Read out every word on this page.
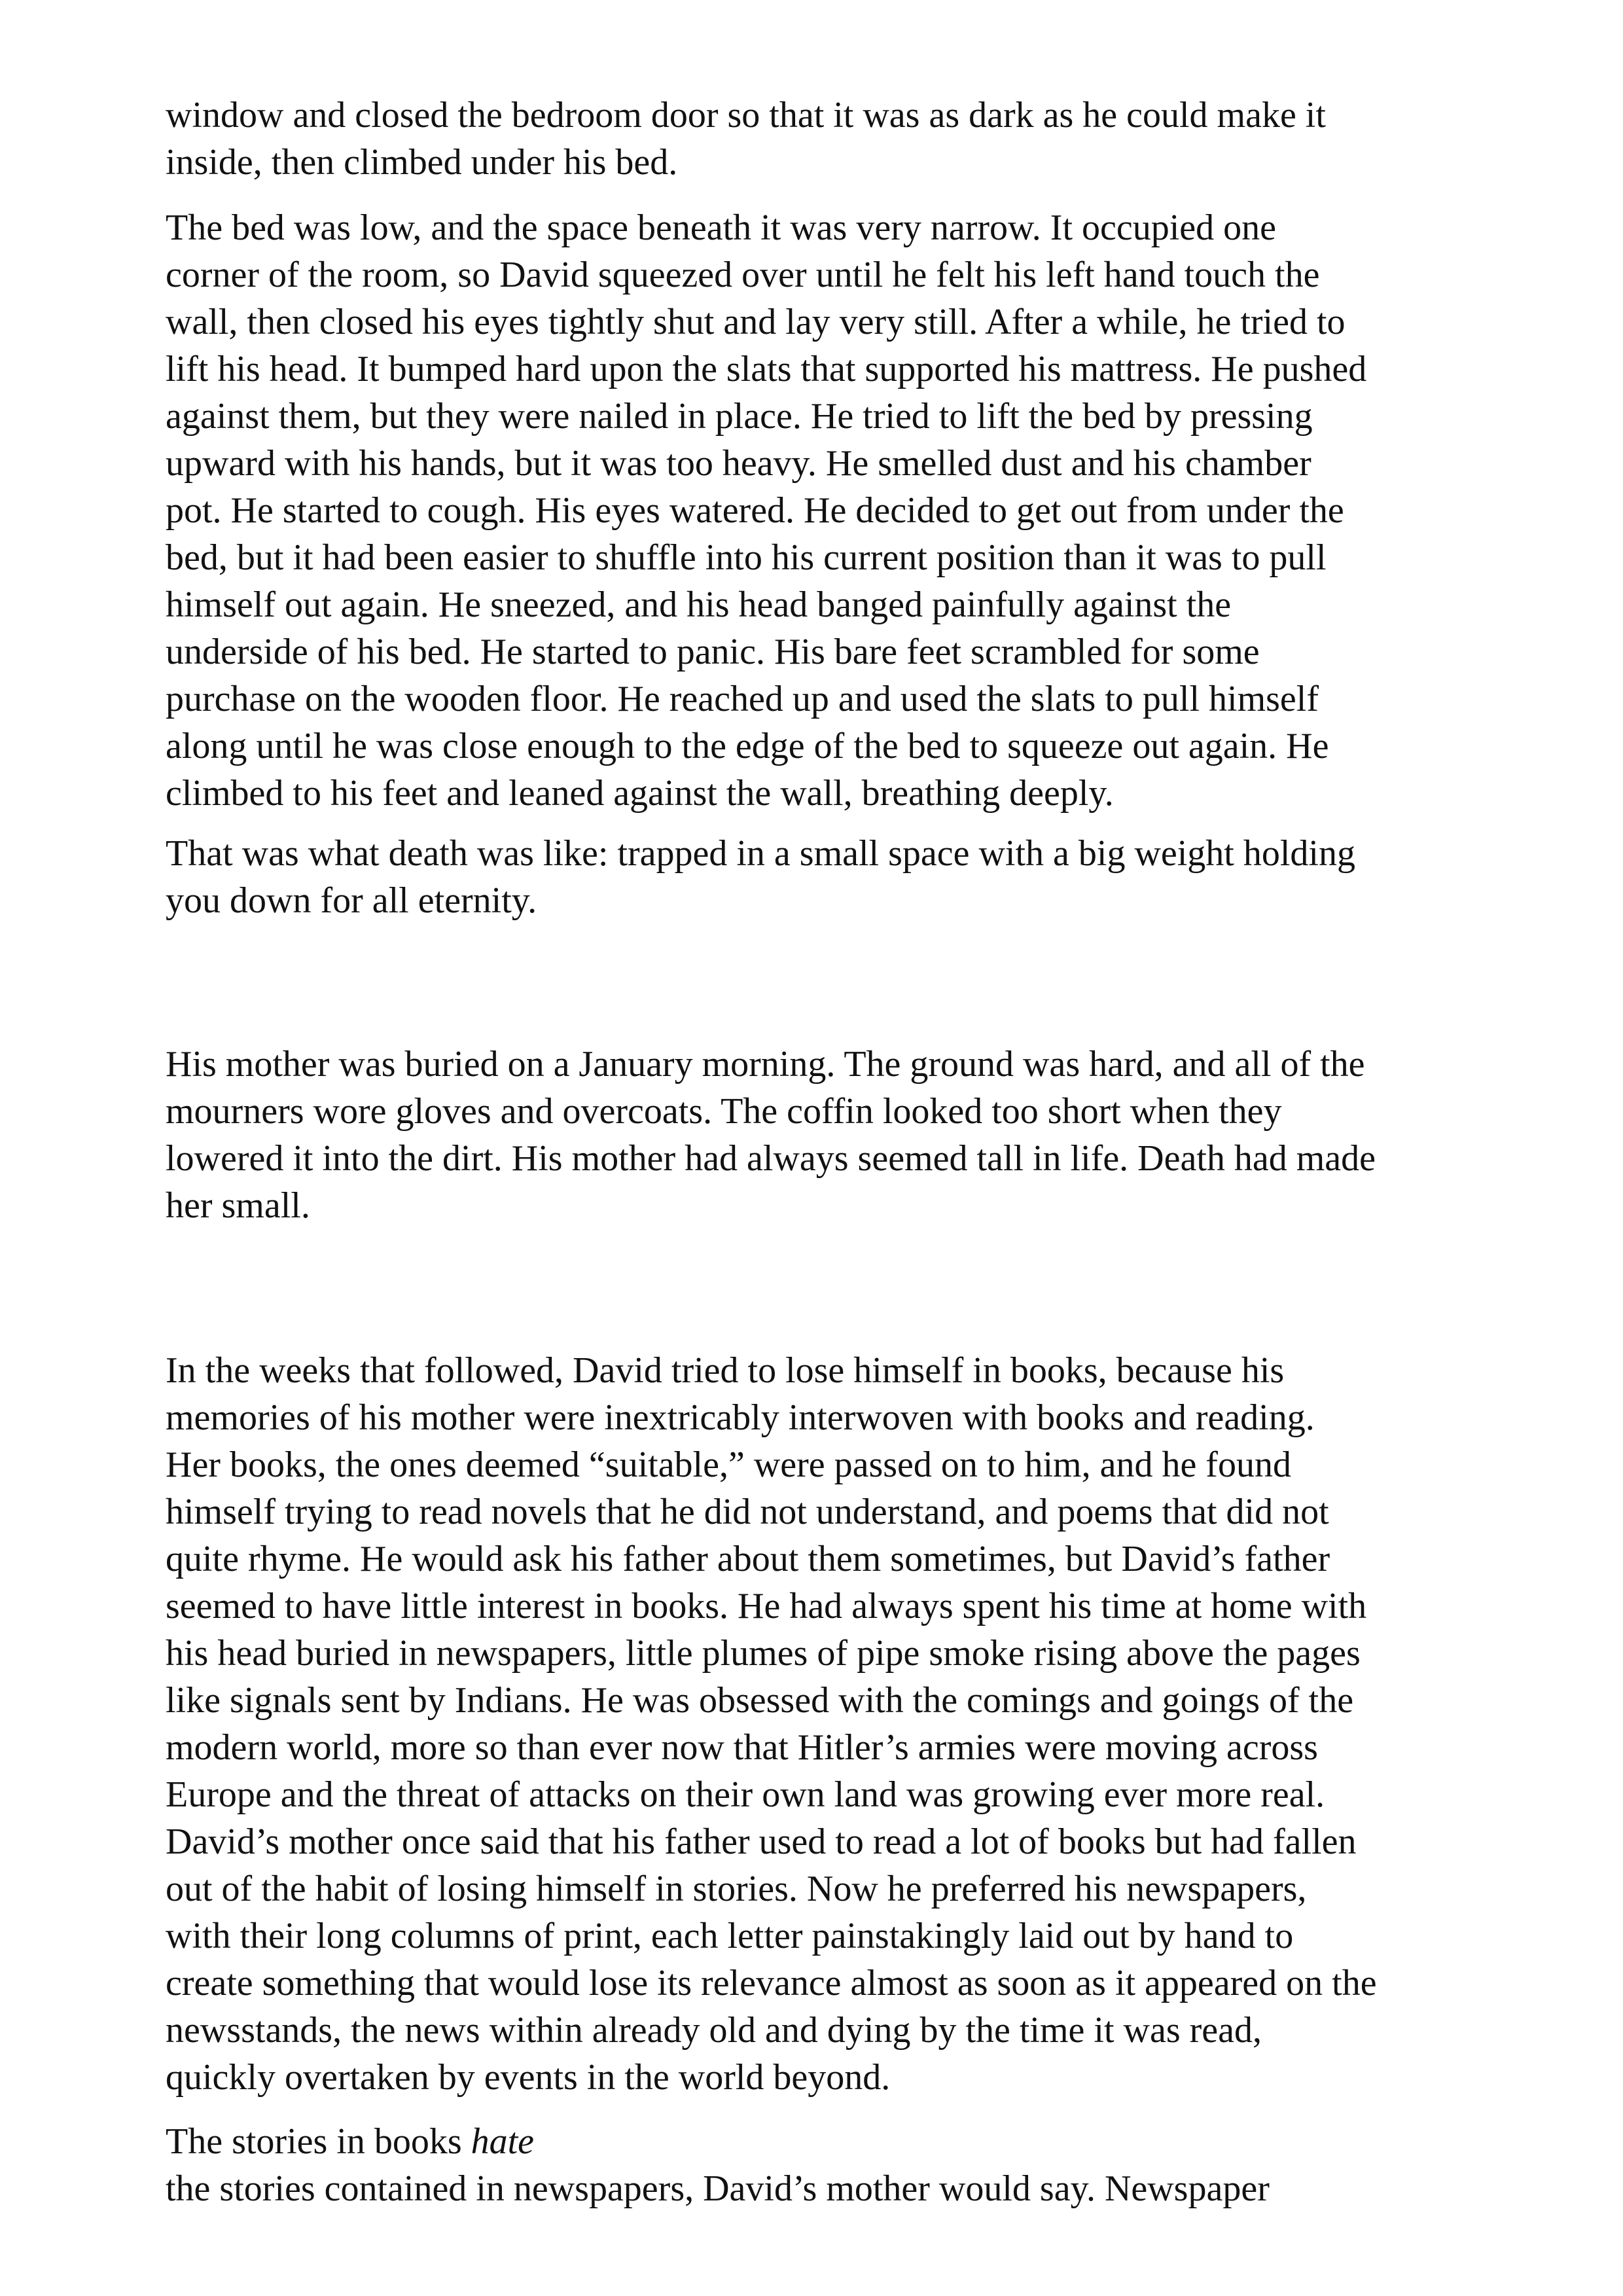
window and closed the bedroom door so that it was as dark as he could make it
inside, then climbed under his bed.
The bed was low, and the space beneath it was very narrow. It occupied one
corner of the room, so David squeezed over until he felt his left hand touch the
wall, then closed his eyes tightly shut and lay very still. After a while, he tried to
lift his head. It bumped hard upon the slats that supported his mattress. He pushed
against them, but they were nailed in place. He tried to lift the bed by pressing
upward with his hands, but it was too heavy. He smelled dust and his chamber
pot. He started to cough. His eyes watered. He decided to get out from under the
bed, but it had been easier to shuffle into his current position than it was to pull
himself out again. He sneezed, and his head banged painfully against the
underside of his bed. He started to panic. His bare feet scrambled for some
purchase on the wooden floor. He reached up and used the slats to pull himself
along until he was close enough to the edge of the bed to squeeze out again. He
climbed to his feet and leaned against the wall, breathing deeply.
That was what death was like: trapped in a small space with a big weight holding
you down for all eternity.
His mother was buried on a January morning. The ground was hard, and all of the
mourners wore gloves and overcoats. The coffin looked too short when they
lowered it into the dirt. His mother had always seemed tall in life. Death had made
her small.
In the weeks that followed, David tried to lose himself in books, because his
memories of his mother were inextricably interwoven with books and reading.
Her books, the ones deemed “suitable,” were passed on to him, and he found
himself trying to read novels that he did not understand, and poems that did not
quite rhyme. He would ask his father about them sometimes, but David’s father
seemed to have little interest in books. He had always spent his time at home with
his head buried in newspapers, little plumes of pipe smoke rising above the pages
like signals sent by Indians. He was obsessed with the comings and goings of the
modern world, more so than ever now that Hitler’s armies were moving across
Europe and the threat of attacks on their own land was growing ever more real.
David’s mother once said that his father used to read a lot of books but had fallen
out of the habit of losing himself in stories. Now he preferred his newspapers,
with their long columns of print, each letter painstakingly laid out by hand to
create something that would lose its relevance almost as soon as it appeared on the
newsstands, the news within already old and dying by the time it was read,
quickly overtaken by events in the world beyond.
The stories in books hate
the stories contained in newspapers, David’s mother would say. Newspaper
